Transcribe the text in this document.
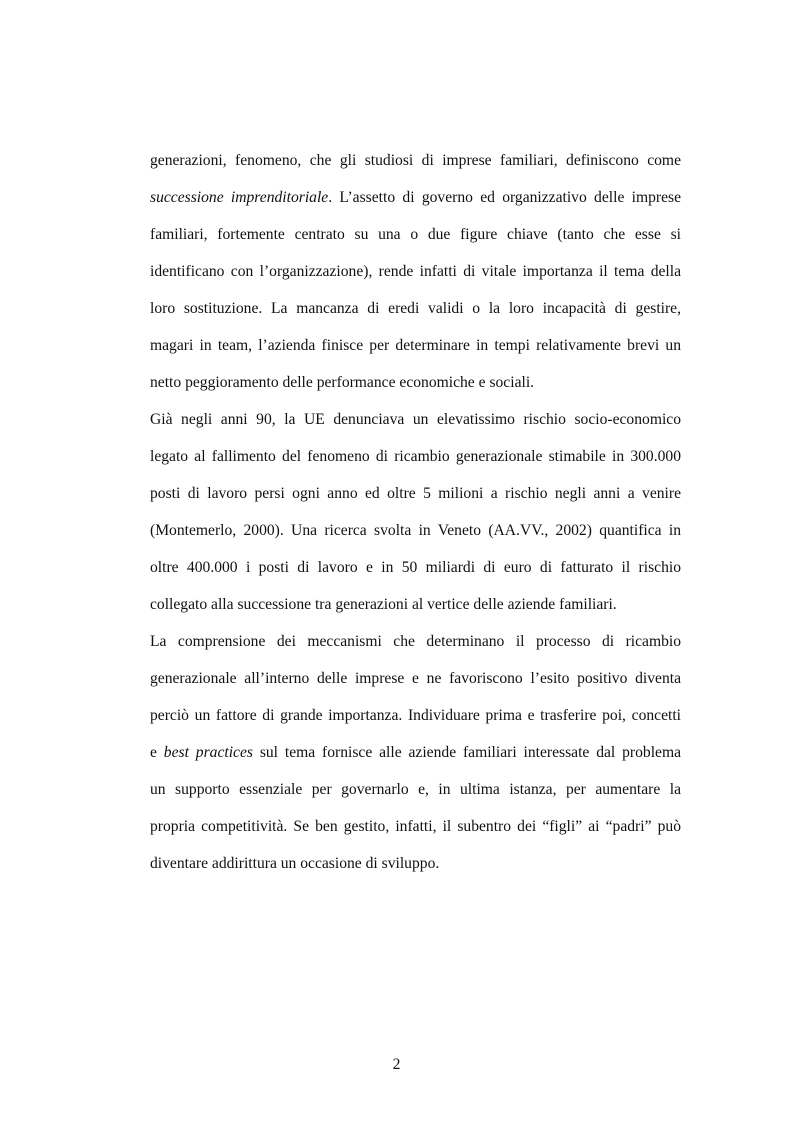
generazioni, fenomeno, che gli studiosi di imprese familiari, definiscono come
successione imprenditoriale. L’assetto di governo ed organizzativo delle imprese
familiari, fortemente centrato su una o due figure chiave (tanto che esse si
identificano con l’organizzazione), rende infatti di vitale importanza il tema della
loro sostituzione. La mancanza di eredi validi o la loro incapacità di gestire,
magari in team, l’azienda finisce per determinare in tempi relativamente brevi un
netto peggioramento delle performance economiche e sociali.
Già negli anni 90, la UE denunciava un elevatissimo rischio socio-economico
legato al fallimento del fenomeno di ricambio generazionale stimabile in 300.000
posti di lavoro persi ogni anno ed oltre 5 milioni a rischio negli anni a venire
(Montemerlo, 2000). Una ricerca svolta in Veneto (AA.VV., 2002) quantifica in
oltre 400.000 i posti di lavoro e in 50 miliardi di euro di fatturato il rischio
collegato alla successione tra generazioni al vertice delle aziende familiari.
La comprensione dei meccanismi che determinano il processo di ricambio
generazionale all’interno delle imprese e ne favoriscono l’esito positivo diventa
perciò un fattore di grande importanza. Individuare prima e trasferire poi, concetti
e best practices sul tema fornisce alle aziende familiari interessate dal problema
un supporto essenziale per governarlo e, in ultima istanza, per aumentare la
propria competitività. Se ben gestito, infatti, il subentro dei “figli” ai “padri” può
diventare addirittura un occasione di sviluppo.
2
